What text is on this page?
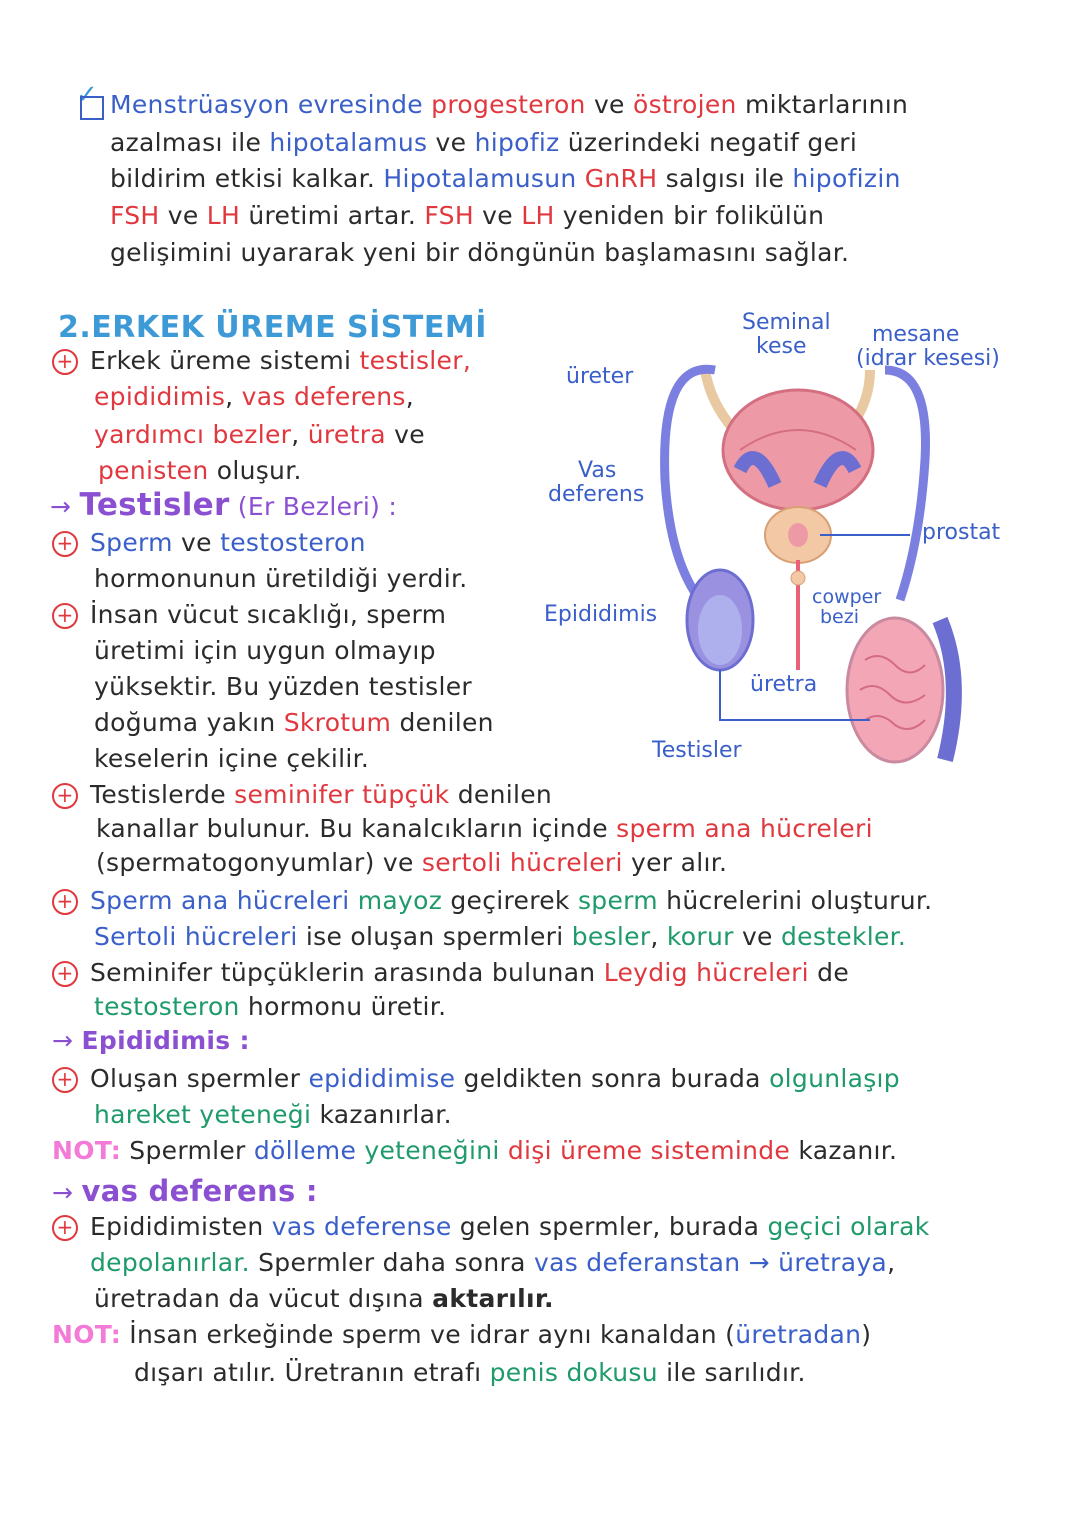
✓ Menstrüasyon evresinde progesteron ve östrojen miktarlarının
azalması ile hipotalamus ve hipofiz üzerindeki negatif geri
bildirim etkisi kalkar. Hipotalamusun GnRH salgısı ile hipofizin
FSH ve LH üretimi artar. FSH ve LH yeniden bir folikülün
gelişimini uyararak yeni bir döngünün başlamasını sağlar.
2.ERKEK ÜREME SİSTEMİ
+ Erkek üreme sistemi testisler,
epididimis, vas deferens,
yardımcı bezler, üretra ve
penisten oluşur.
→ Testisler (Er Bezleri) :
+ Sperm ve testosteron
hormonunun üretildiği yerdir.
+ İnsan vücut sıcaklığı, sperm
üretimi için uygun olmayıp
yüksektir. Bu yüzden testisler
doğuma yakın Skrotum denilen
keselerin içine çekilir.
+ Testislerde seminifer tüpçük denilen
kanallar bulunur. Bu kanalcıkların içinde sperm ana hücreleri
(spermatogonyumlar) ve sertoli hücreleri yer alır.
+ Sperm ana hücreleri mayoz geçirerek sperm hücrelerini oluşturur.
Sertoli hücreleri ise oluşan spermleri besler, korur ve destekler.
+ Seminifer tüpçüklerin arasında bulunan Leydig hücreleri de
testosteron hormonu üretir.
→ Epididimis :
+ Oluşan spermler epididimise geldikten sonra burada olgunlaşıp
hareket yeteneği kazanırlar.
NOT: Spermler dölleme yeteneğini dişi üreme sisteminde kazanır.
→ vas deferens :
+ Epididimisten vas deferense gelen spermler, burada geçici olarak
depolanırlar. Spermler daha sonra vas deferanstan → üretraya,
üretradan da vücut dışına aktarılır.
NOT: İnsan erkeğinde sperm ve idrar aynı kanaldan (üretradan)
dışarı atılır. Üretranın etrafı penis dokusu ile sarılıdır.
Seminal
kese	mesane
(idrar kesesi)
üreter
Vas
deferens
prostat
cowper
bezi
Epididimis
üretra
Testisler
